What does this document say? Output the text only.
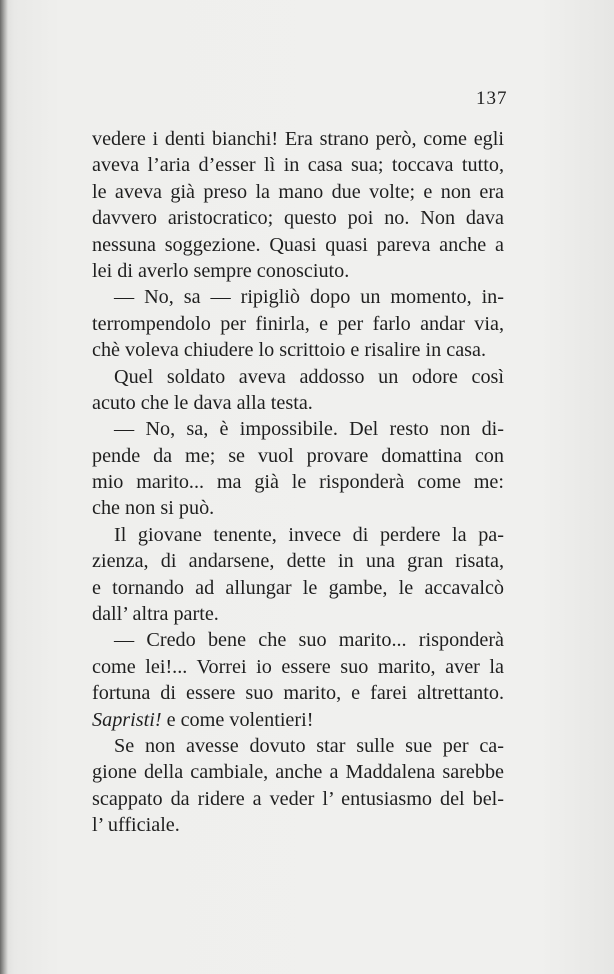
137
vedere i denti bianchi! Era strano però, come egli
aveva l’aria d’esser lì in casa sua; toccava tutto,
le aveva già preso la mano due volte; e non era
davvero aristocratico; questo poi no. Non dava
nessuna soggezione. Quasi quasi pareva anche a
lei di averlo sempre conosciuto.
— No, sa — ripigliò dopo un momento, in-
terrompendolo per finirla, e per farlo andar via,
chè voleva chiudere lo scrittoio e risalire in casa.
Quel soldato aveva addosso un odore così
acuto che le dava alla testa.
— No, sa, è impossibile. Del resto non di-
pende da me; se vuol provare domattina con
mio marito... ma già le risponderà come me:
che non si può.
Il giovane tenente, invece di perdere la pa-
zienza, di andarsene, dette in una gran risata,
e tornando ad allungar le gambe, le accavalcò
dall’ altra parte.
— Credo bene che suo marito... risponderà
come lei!... Vorrei io essere suo marito, aver la
fortuna di essere suo marito, e farei altrettanto.
Sapristi! e come volentieri!
Se non avesse dovuto star sulle sue per ca-
gione della cambiale, anche a Maddalena sarebbe
scappato da ridere a veder l’ entusiasmo del bel-
l’ ufficiale.
